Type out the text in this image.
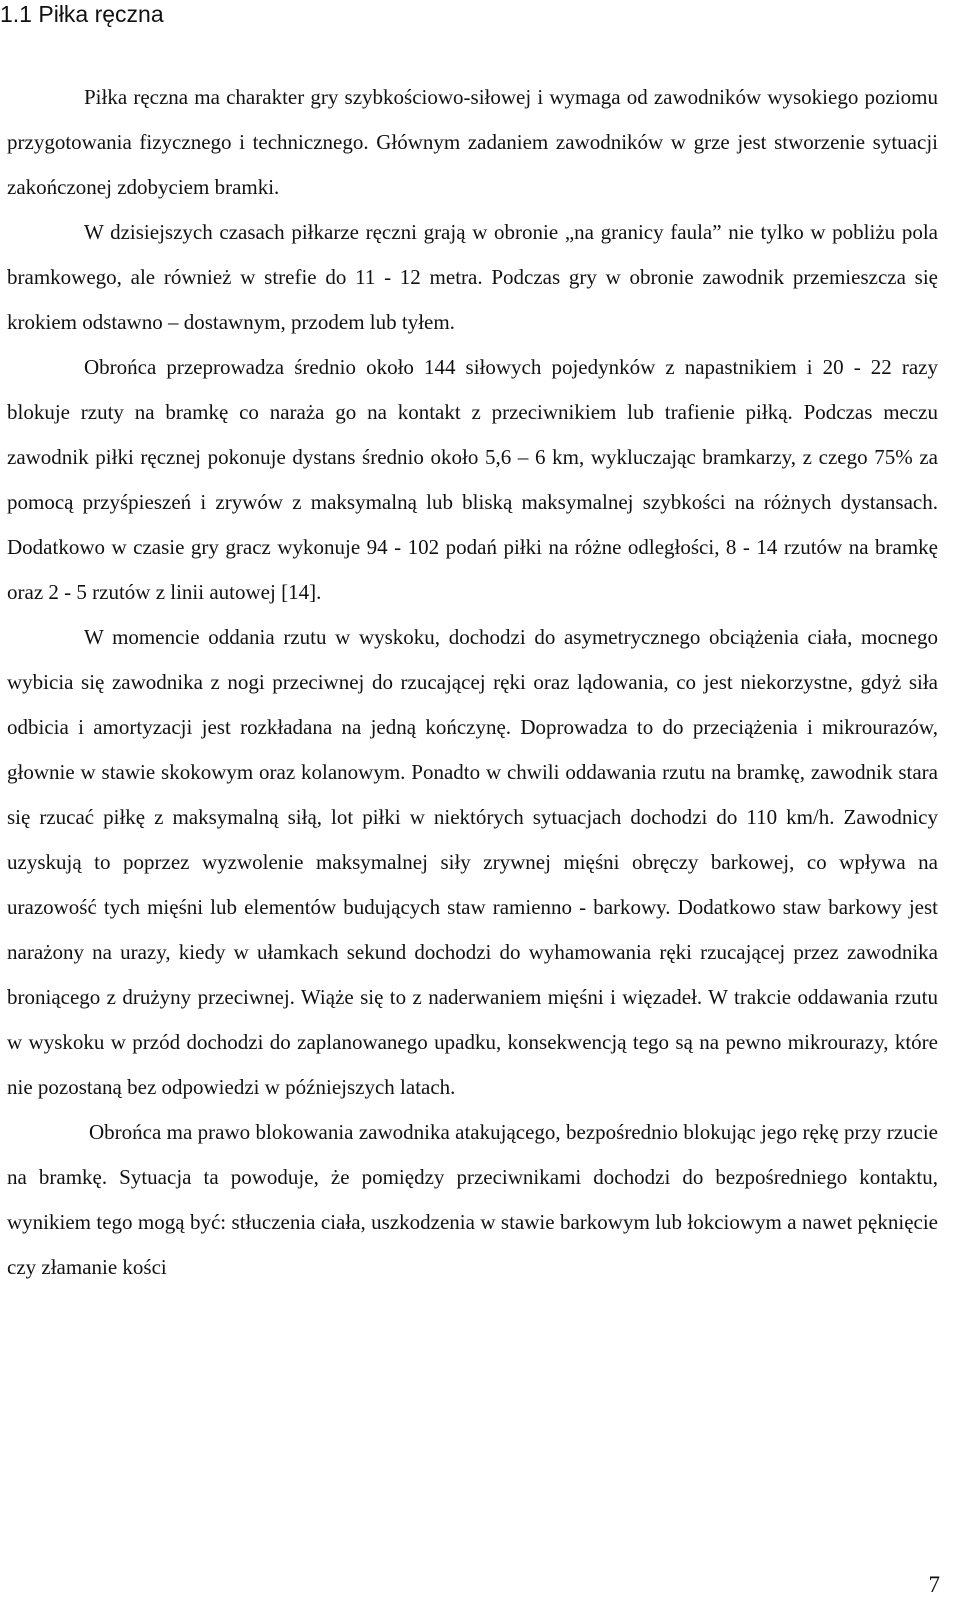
1.1 Piłka ręczna

Piłka ręczna ma charakter gry szybkościowo-siłowej i wymaga od zawodników wysokiego poziomu przygotowania fizycznego i technicznego. Głównym zadaniem zawodników w grze jest stworzenie sytuacji zakończonej zdobyciem bramki.

W dzisiejszych czasach piłkarze ręczni grają w obronie „na granicy faula” nie tylko w pobliżu pola bramkowego, ale również w strefie do 11 - 12 metra. Podczas gry w obronie zawodnik przemieszcza się krokiem odstawno – dostawnym, przodem lub tyłem.

Obrońca przeprowadza średnio około 144 siłowych pojedynków z napastnikiem i 20 - 22 razy blokuje rzuty na bramkę co naraża go na kontakt z przeciwnikiem lub trafienie piłką. Podczas meczu zawodnik piłki ręcznej pokonuje dystans średnio około 5,6 – 6 km, wykluczając bramkarzy, z czego 75% za pomocą przyśpieszeń i zrywów z maksymalną lub bliską maksymalnej szybkości na różnych dystansach. Dodatkowo w czasie gry gracz wykonuje 94 - 102 podań piłki na różne odległości, 8 - 14 rzutów na bramkę oraz 2 - 5 rzutów z linii autowej [14].

W momencie oddania rzutu w wyskoku, dochodzi do asymetrycznego obciążenia ciała, mocnego wybicia się zawodnika z nogi przeciwnej do rzucającej ręki oraz lądowania, co jest niekorzystne, gdyż siła odbicia i amortyzacji jest rozkładana na jedną kończynę. Doprowadza to do przeciążenia i mikrourazów, głownie w stawie skokowym oraz kolanowym. Ponadto w chwili oddawania rzutu na bramkę, zawodnik stara się rzucać piłkę z maksymalną siłą, lot piłki w niektórych sytuacjach dochodzi do 110 km/h. Zawodnicy uzyskują to poprzez wyzwolenie maksymalnej siły zrywnej mięśni obręczy barkowej, co wpływa na urazowość tych mięśni lub elementów budujących staw ramienno - barkowy. Dodatkowo staw barkowy jest narażony na urazy, kiedy w ułamkach sekund dochodzi do wyhamowania ręki rzucającej przez zawodnika broniącego z drużyny przeciwnej. Wiąże się to z naderwaniem mięśni i więzadeł. W trakcie oddawania rzutu w wyskoku w przód dochodzi do zaplanowanego upadku, konsekwencją tego są na pewno mikrourazy, które nie pozostaną bez odpowiedzi w późniejszych latach.

Obrońca ma prawo blokowania zawodnika atakującego, bezpośrednio blokując jego rękę przy rzucie na bramkę. Sytuacja ta powoduje, że pomiędzy przeciwnikami dochodzi do bezpośredniego kontaktu, wynikiem tego mogą być: stłuczenia ciała, uszkodzenia w stawie barkowym lub łokciowym a nawet pęknięcie czy złamanie kości

7
